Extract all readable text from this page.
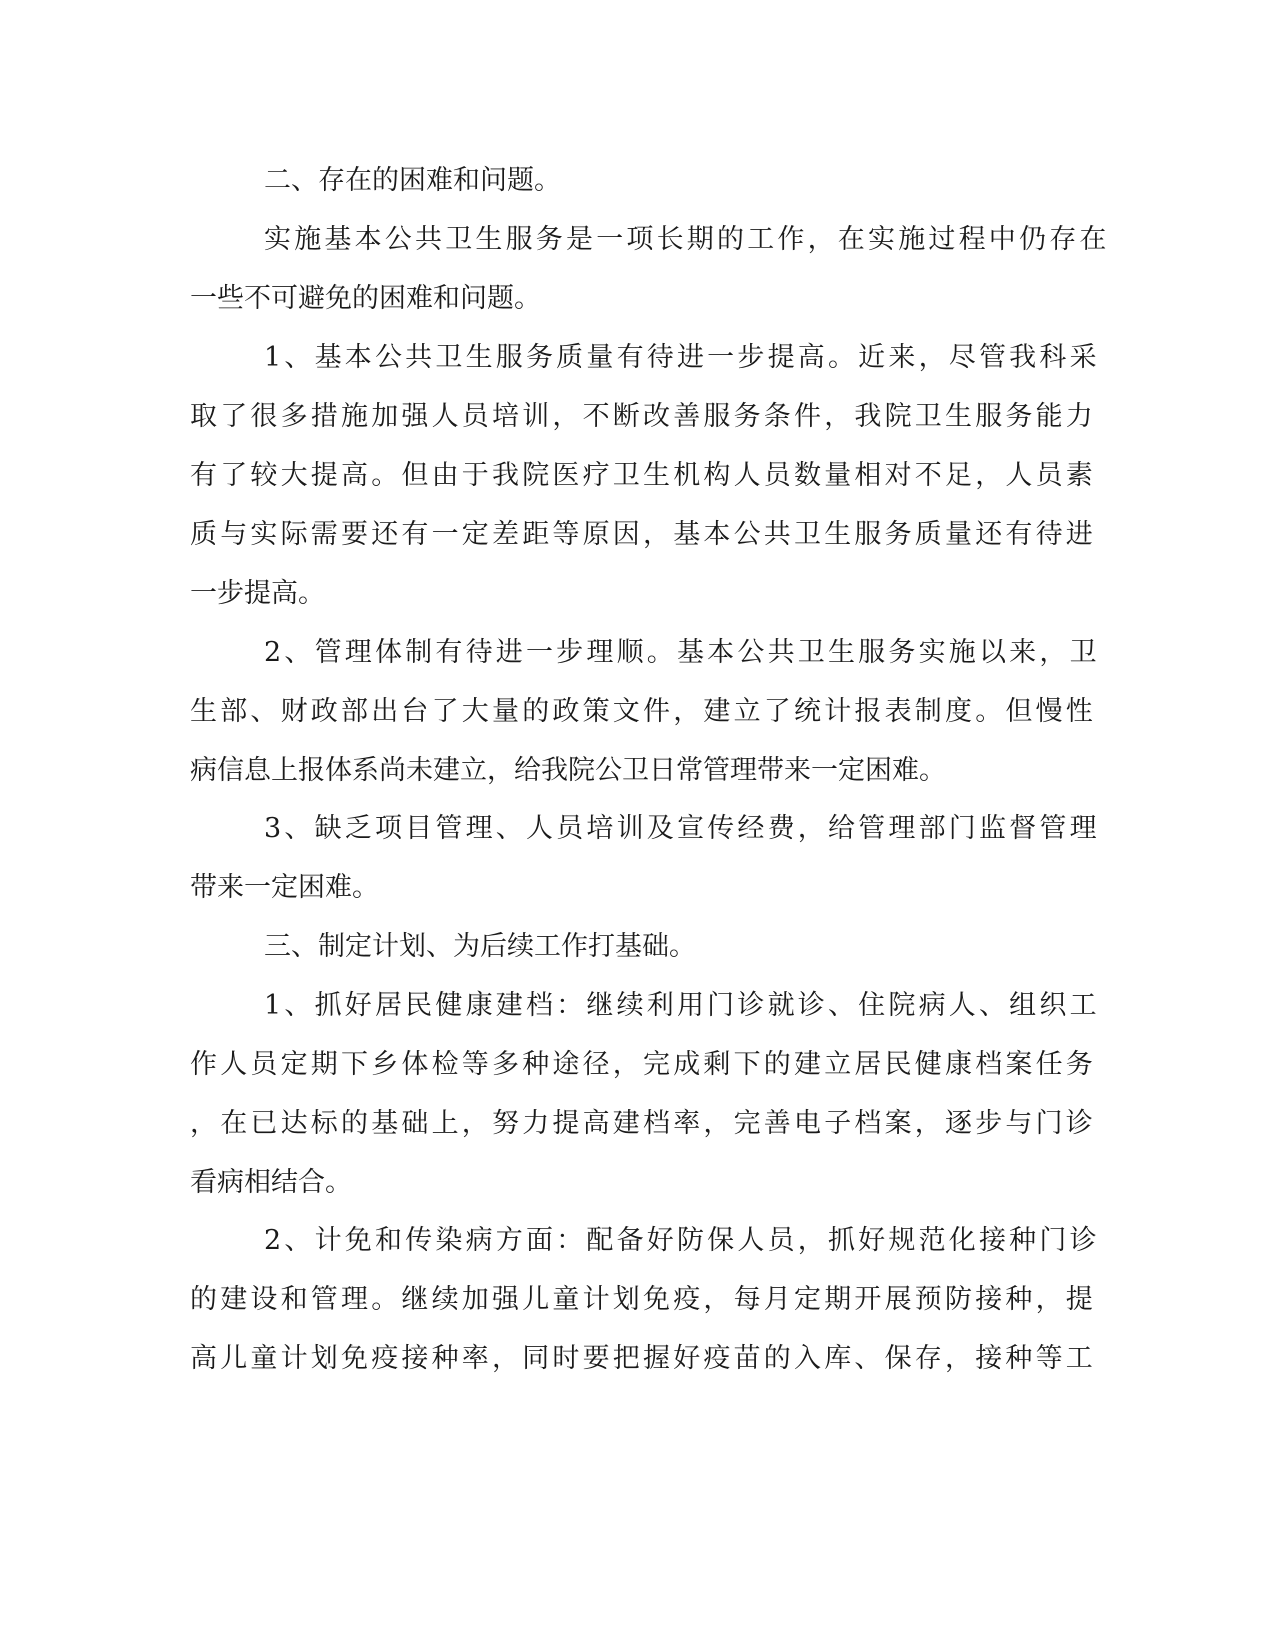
二、存在的困难和问题。
实施基本公共卫生服务是一项长期的工作，在实施过程中仍存在
一些不可避免的困难和问题。
1、基本公共卫生服务质量有待进一步提高。近来，尽管我科采
取了很多措施加强人员培训，不断改善服务条件，我院卫生服务能力
有了较大提高。但由于我院医疗卫生机构人员数量相对不足，人员素
质与实际需要还有一定差距等原因，基本公共卫生服务质量还有待进
一步提高。
2、管理体制有待进一步理顺。基本公共卫生服务实施以来，卫
生部、财政部出台了大量的政策文件，建立了统计报表制度。但慢性
病信息上报体系尚未建立，给我院公卫日常管理带来一定困难。
3、缺乏项目管理、人员培训及宣传经费，给管理部门监督管理
带来一定困难。
三、制定计划、为后续工作打基础。
1、抓好居民健康建档：继续利用门诊就诊、住院病人、组织工
作人员定期下乡体检等多种途径，完成剩下的建立居民健康档案任务
，在已达标的基础上，努力提高建档率，完善电子档案，逐步与门诊
看病相结合。
2、计免和传染病方面：配备好防保人员，抓好规范化接种门诊
的建设和管理。继续加强儿童计划免疫，每月定期开展预防接种，提
高儿童计划免疫接种率，同时要把握好疫苗的入库、保存，接种等工
